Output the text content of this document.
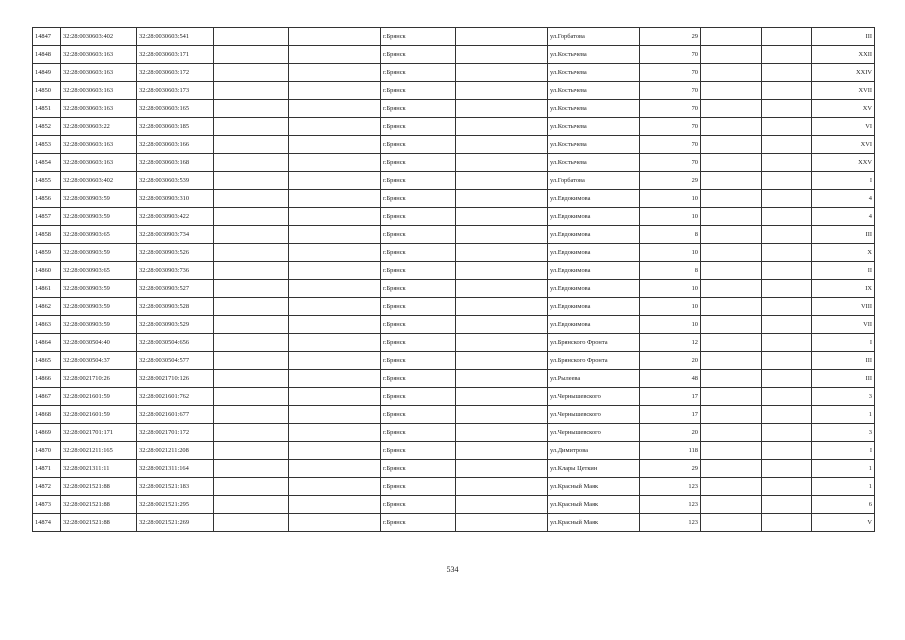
14847	32:28:0030603:402	32:28:0030603:541			г.Брянск		ул.Горбатова	29			III
14848	32:28:0030603:163	32:28:0030603:171			г.Брянск		ул.Костычева	70			XXII
14849	32:28:0030603:163	32:28:0030603:172			г.Брянск		ул.Костычева	70			XXIV
14850	32:28:0030603:163	32:28:0030603:173			г.Брянск		ул.Костычева	70			XVII
14851	32:28:0030603:163	32:28:0030603:165			г.Брянск		ул.Костычева	70			XV
14852	32:28:0030603:22	32:28:0030603:185			г.Брянск		ул.Костычева	70			VI
14853	32:28:0030603:163	32:28:0030603:166			г.Брянск		ул.Костычева	70			XVI
14854	32:28:0030603:163	32:28:0030603:168			г.Брянск		ул.Костычева	70			XXV
14855	32:28:0030603:402	32:28:0030603:539			г.Брянск		ул.Горбатова	29			I
14856	32:28:0030903:59	32:28:0030903:310			г.Брянск		ул.Евдокимова	10			4
14857	32:28:0030903:59	32:28:0030903:422			г.Брянск		ул.Евдокимова	10			4
14858	32:28:0030903:65	32:28:0030903:734			г.Брянск		ул.Евдокимова	8			III
14859	32:28:0030903:59	32:28:0030903:526			г.Брянск		ул.Евдокимова	10			X
14860	32:28:0030903:65	32:28:0030903:736			г.Брянск		ул.Евдокимова	8			II
14861	32:28:0030903:59	32:28:0030903:527			г.Брянск		ул.Евдокимова	10			IX
14862	32:28:0030903:59	32:28:0030903:528			г.Брянск		ул.Евдокимова	10			VIII
14863	32:28:0030903:59	32:28:0030903:529			г.Брянск		ул.Евдокимова	10			VII
14864	32:28:0030504:40	32:28:0030504:656			г.Брянск		ул.Брянского Фронта	12			I
14865	32:28:0030504:37	32:28:0030504:577			г.Брянск		ул.Брянского Фронта	20			III
14866	32:28:0021710:26	32:28:0021710:126			г.Брянск		ул.Рылеева	48			III
14867	32:28:0021601:59	32:28:0021601:762			г.Брянск		ул.Чернышевского	17			3
14868	32:28:0021601:59	32:28:0021601:677			г.Брянск		ул.Чернышевского	17			1
14869	32:28:0021701:171	32:28:0021701:172			г.Брянск		ул.Чернышевского	20			3
14870	32:28:0021211:165	32:28:0021211:208			г.Брянск		ул.Димитрова	118			I
14871	32:28:0021311:11	32:28:0021311:164			г.Брянск		ул.Клары Цеткин	29			1
14872	32:28:0021521:88	32:28:0021521:183			г.Брянск		ул.Красный Маяк	123			1
14873	32:28:0021521:88	32:28:0021521:295			г.Брянск		ул.Красный Маяк	123			6
14874	32:28:0021521:88	32:28:0021521:269			г.Брянск		ул.Красный Маяк	123			V
534
